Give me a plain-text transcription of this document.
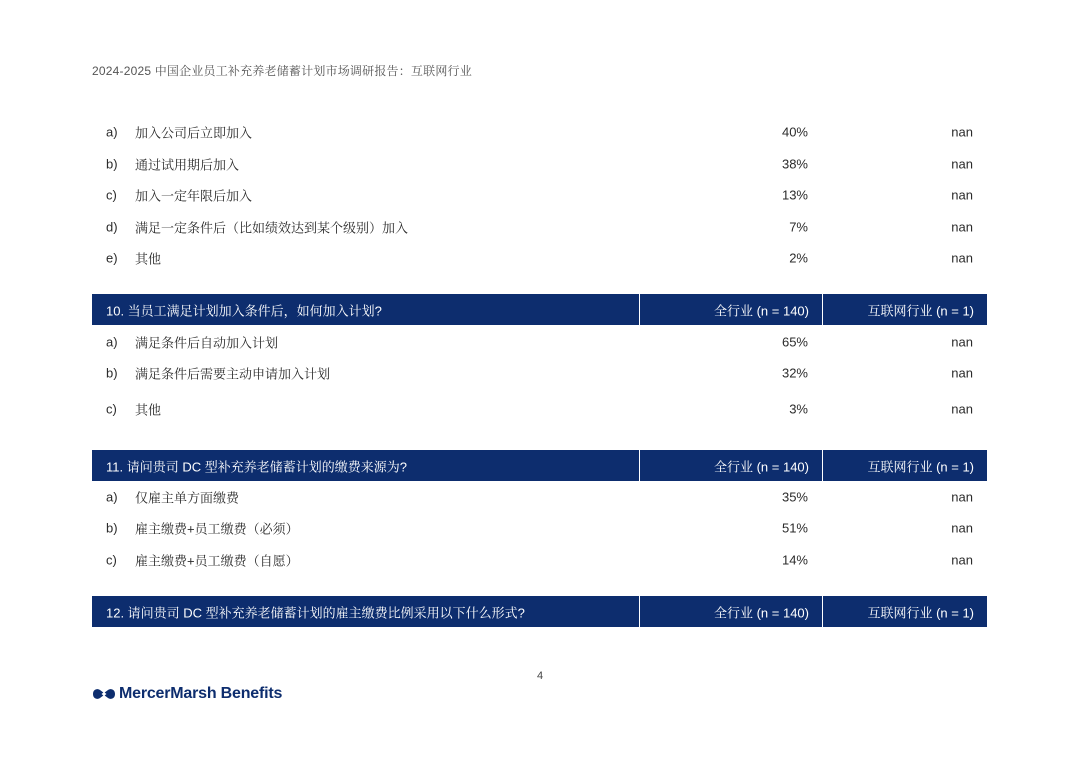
2024-2025 中国企业员工补充养老储蓄计划市场调研报告：互联网行业
a) 加入公司后立即加入	40%	nan
b) 通过试用期后加入	38%	nan
c) 加入一定年限后加入	13%	nan
d) 满足一定条件后（比如绩效达到某个级别）加入	7%	nan
e) 其他	2%	nan
10. 当员工满足计划加入条件后，如何加入计划?	全行业 (n = 140)	互联网行业 (n = 1)
a) 满足条件后自动加入计划	65%	nan
b) 满足条件后需要主动申请加入计划	32%	nan
c) 其他	3%	nan
11. 请问贵司 DC 型补充养老储蓄计划的缴费来源为?	全行业 (n = 140)	互联网行业 (n = 1)
a) 仅雇主单方面缴费	35%	nan
b) 雇主缴费+员工缴费（必须）	51%	nan
c) 雇主缴费+员工缴费（自愿）	14%	nan
12. 请问贵司 DC 型补充养老储蓄计划的雇主缴费比例采用以下什么形式?	全行业 (n = 140)	互联网行业 (n = 1)
4
MercerMarsh Benefits
